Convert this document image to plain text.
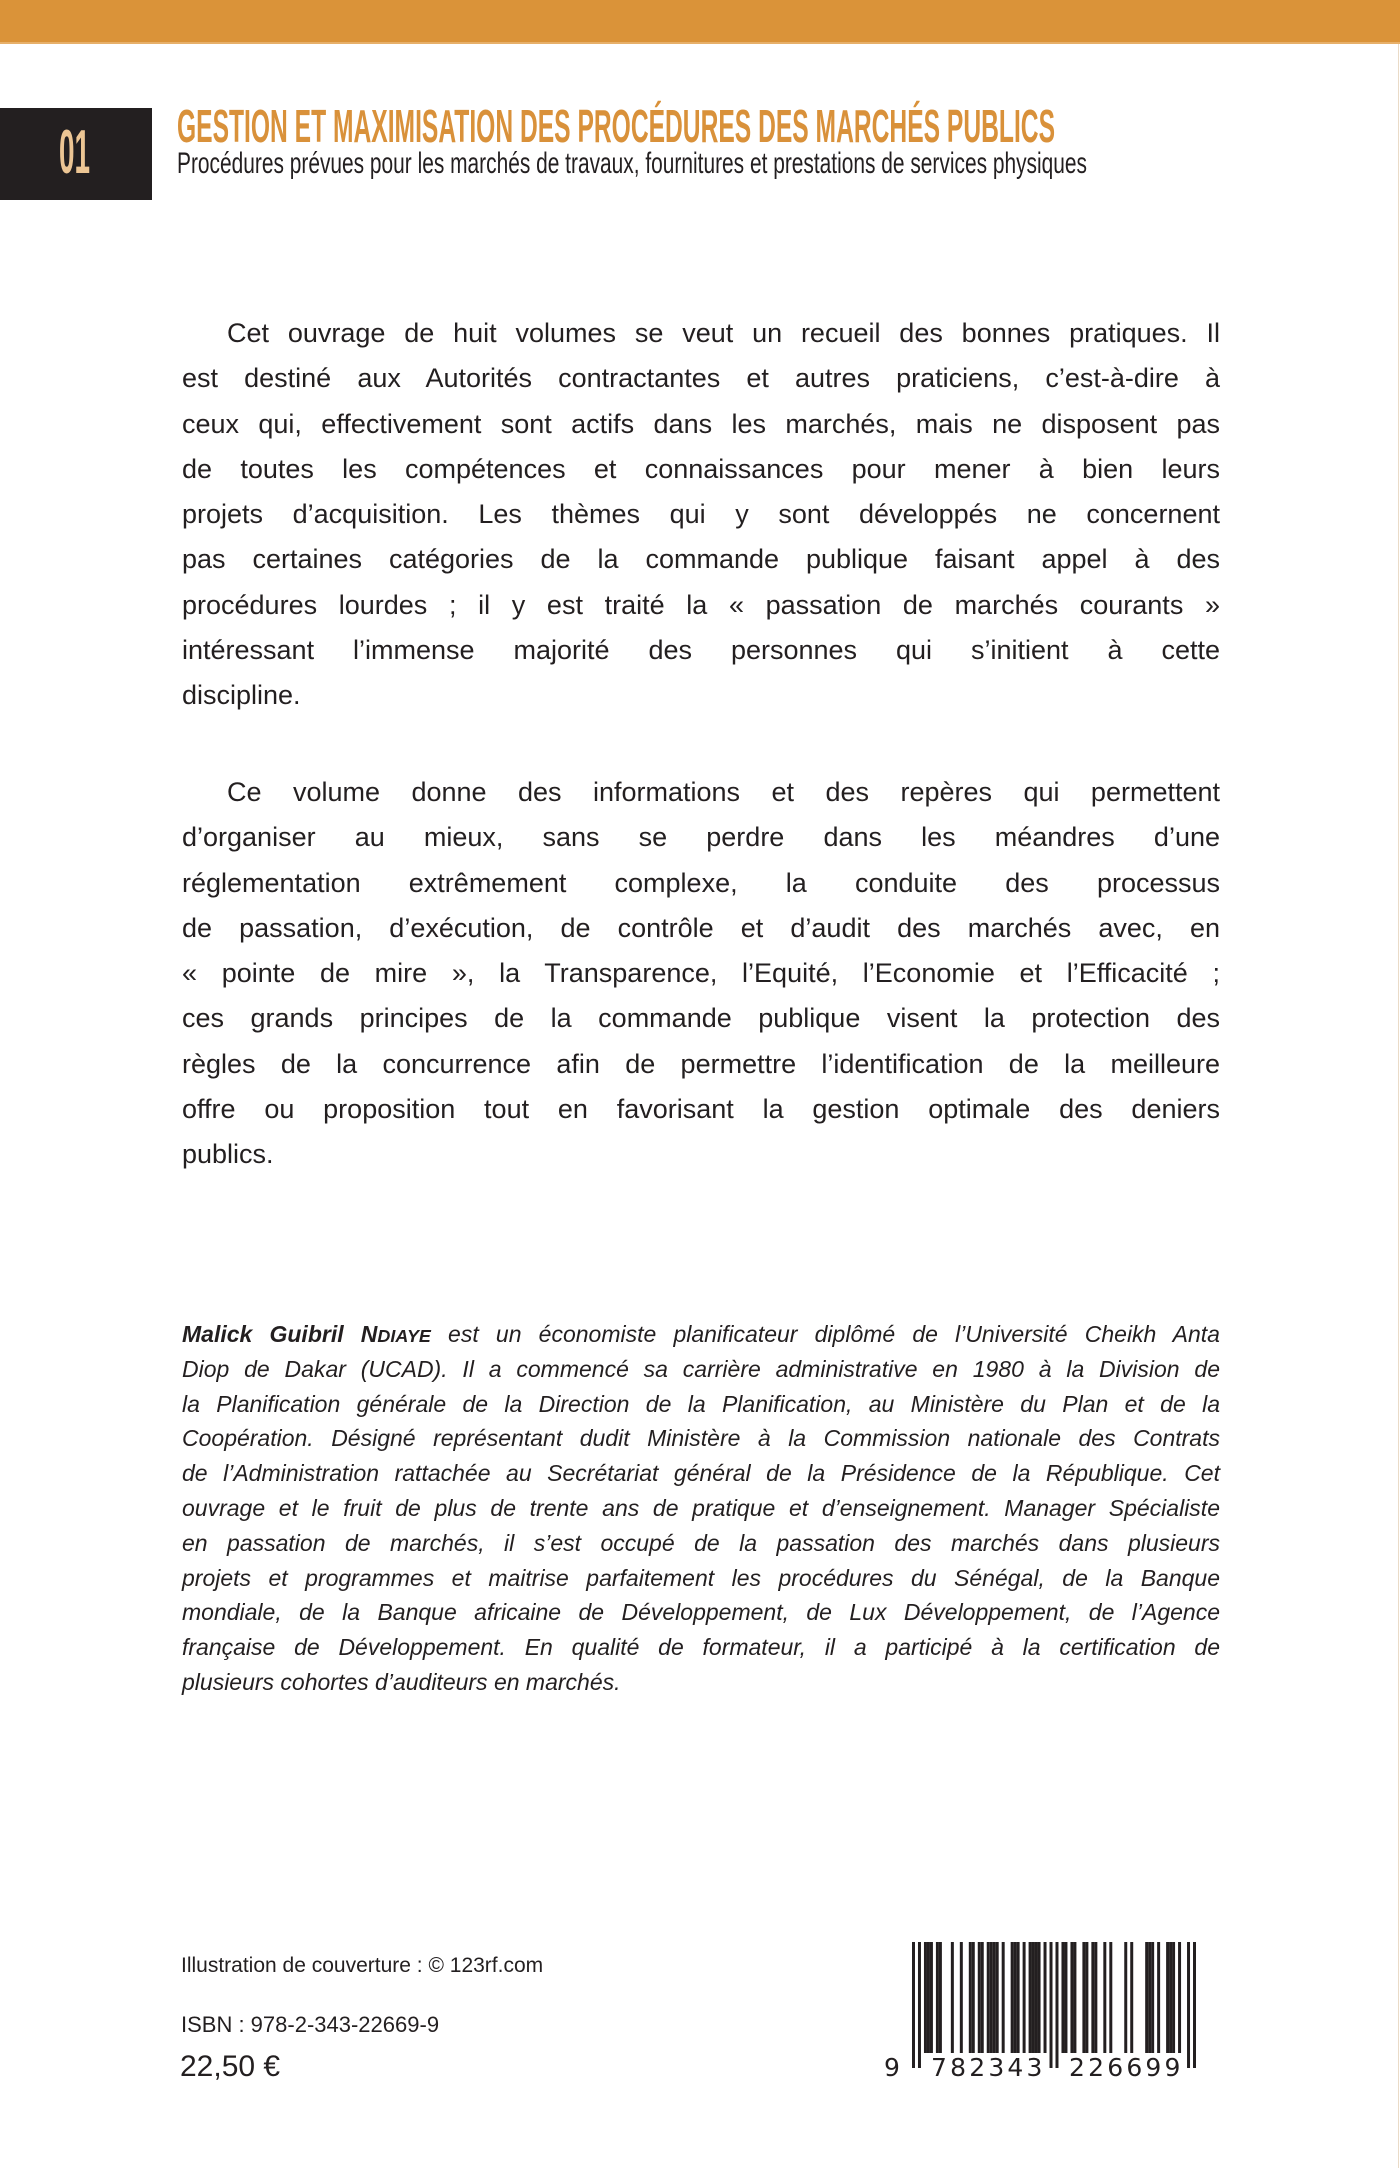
01 GESTION ET MAXIMISATION DES PROCÉDURES DES MARCHÉS PUBLICS
Procédures prévues pour les marchés de travaux, fournitures et prestations de services physiques
Cet ouvrage de huit volumes se veut un recueil des bonnes pratiques. Il
est destiné aux Autorités contractantes et autres praticiens, c’est-à-dire à
ceux qui, effectivement sont actifs dans les marchés, mais ne disposent pas
de toutes les compétences et connaissances pour mener à bien leurs
projets d’acquisition. Les thèmes qui y sont développés ne concernent
pas certaines catégories de la commande publique faisant appel à des
procédures lourdes ; il y est traité la « passation de marchés courants »
intéressant l’immense majorité des personnes qui s’initient à cette
discipline.
Ce volume donne des informations et des repères qui permettent
d’organiser au mieux, sans se perdre dans les méandres d’une
réglementation extrêmement complexe, la conduite des processus
de passation, d’exécution, de contrôle et d’audit des marchés avec, en
« pointe de mire », la Transparence, l’Equité, l’Economie et l’Efficacité ;
ces grands principes de la commande publique visent la protection des
règles de la concurrence afin de permettre l’identification de la meilleure
offre ou proposition tout en favorisant la gestion optimale des deniers
publics.
Malick Guibril NDIAYE est un économiste planificateur diplômé de l’Université Cheikh Anta
Diop de Dakar (UCAD). Il a commencé sa carrière administrative en 1980 à la Division de
la Planification générale de la Direction de la Planification, au Ministère du Plan et de la
Coopération. Désigné représentant dudit Ministère à la Commission nationale des Contrats
de l’Administration rattachée au Secrétariat général de la Présidence de la République. Cet
ouvrage et le fruit de plus de trente ans de pratique et d’enseignement. Manager Spécialiste
en passation de marchés, il s’est occupé de la passation des marchés dans plusieurs
projets et programmes et maitrise parfaitement les procédures du Sénégal, de la Banque
mondiale, de la Banque africaine de Développement, de Lux Développement, de l’Agence
française de Développement. En qualité de formateur, il a participé à la certification de
plusieurs cohortes d’auditeurs en marchés.
Illustration de couverture : © 123rf.com
ISBN : 978-2-343-22669-9
22,50 €	9 782343 226699
